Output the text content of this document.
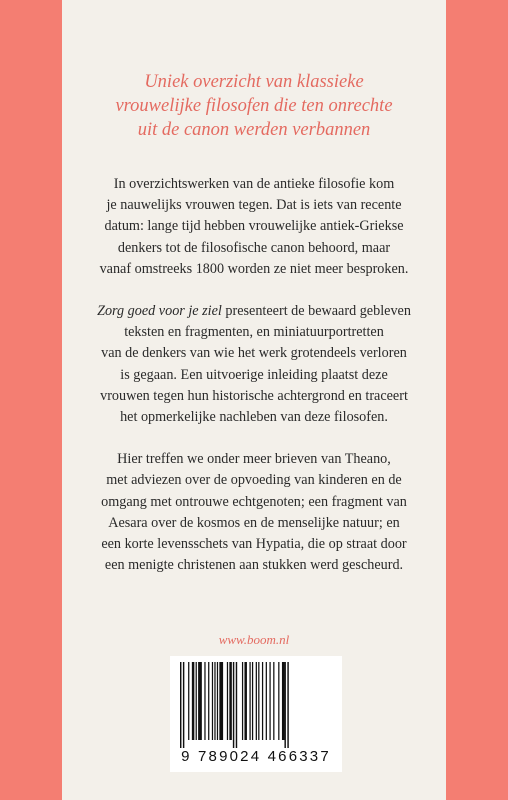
Uniek overzicht van klassieke
vrouwelijke filosofen die ten onrechte
uit de canon werden verbannen
In overzichtswerken van de antieke filosofie kom
je nauwelijks vrouwen tegen. Dat is iets van recente
datum: lange tijd hebben vrouwelijke antiek-Griekse
denkers tot de filosofische canon behoord, maar
vanaf omstreeks 1800 worden ze niet meer besproken.
Zorg goed voor je ziel presenteert de bewaard gebleven
teksten en fragmenten, en miniatuurportretten
van de denkers van wie het werk grotendeels verloren
is gegaan. Een uitvoerige inleiding plaatst deze
vrouwen tegen hun historische achtergrond en traceert
het opmerkelijke nachleben van deze filosofen.
Hier treffen we onder meer brieven van Theano,
met adviezen over de opvoeding van kinderen en de
omgang met ontrouwe echtgenoten; een fragment van
Aesara over de kosmos en de menselijke natuur; en
een korte levensschets van Hypatia, die op straat door
een menigte christenen aan stukken werd gescheurd.
www.boom.nl
9 789024 466337
